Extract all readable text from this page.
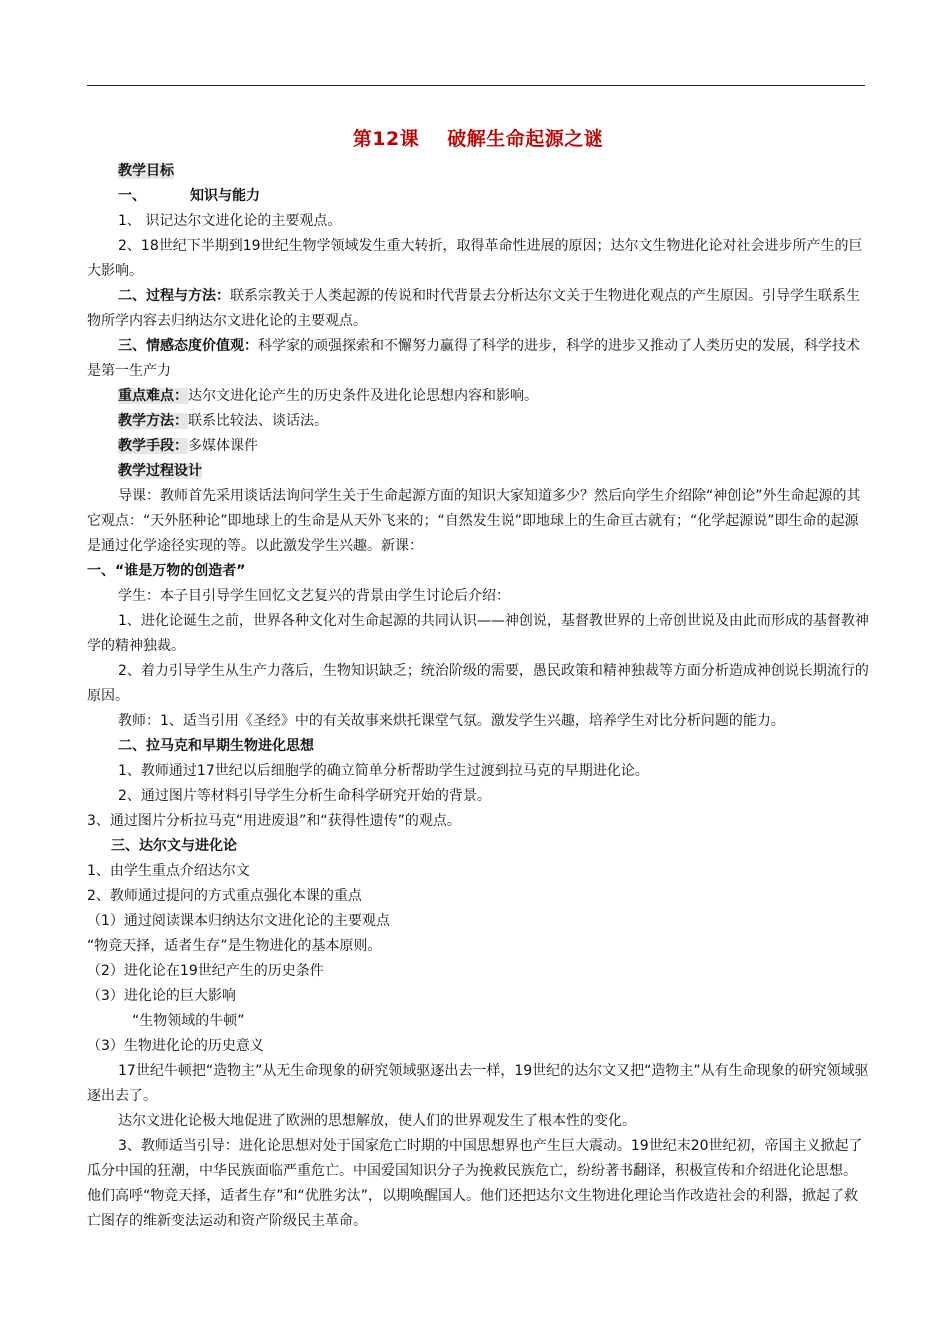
第12课 破解生命起源之谜

教学目标

一、	知识与能力

1、 识记达尔文进化论的主要观点。

2、18世纪下半期到19世纪生物学领域发生重大转折，取得革命性进展的原因；达尔文生物进化论对社会进步所产生的巨大影响。

二、过程与方法：联系宗教关于人类起源的传说和时代背景去分析达尔文关于生物进化观点的产生原因。引导学生联系生物所学内容去归纳达尔文进化论的主要观点。

三、情感态度价值观：科学家的顽强探索和不懈努力赢得了科学的进步，科学的进步又推动了人类历史的发展，科学技术是第一生产力

重点难点：达尔文进化论产生的历史条件及进化论思想内容和影响。

教学方法：联系比较法、谈话法。

教学手段：多媒体课件

教学过程设计

导课：教师首先采用谈话法询问学生关于生命起源方面的知识大家知道多少？然后向学生介绍除“神创论”外生命起源的其它观点：“天外胚种论”即地球上的生命是从天外飞来的；“自然发生说”即地球上的生命亘古就有；“化学起源说”即生命的起源是通过化学途径实现的等。以此激发学生兴趣。新课：

一、“谁是万物的创造者”

学生：本子目引导学生回忆文艺复兴的背景由学生讨论后介绍：

1、进化论诞生之前，世界各种文化对生命起源的共同认识——神创说，基督教世界的上帝创世说及由此而形成的基督教神学的精神独裁。

2、着力引导学生从生产力落后，生物知识缺乏；统治阶级的需要，愚民政策和精神独裁等方面分析造成神创说长期流行的原因。

教师：1、适当引用《圣经》中的有关故事来烘托课堂气氛。激发学生兴趣，培养学生对比分析问题的能力。

二、拉马克和早期生物进化思想

1、教师通过17世纪以后细胞学的确立简单分析帮助学生过渡到拉马克的早期进化论。

2、通过图片等材料引导学生分析生命科学研究开始的背景。

3、通过图片分析拉马克“用进废退”和“获得性遗传”的观点。

三、达尔文与进化论

1、由学生重点介绍达尔文

2、教师通过提问的方式重点强化本课的重点

（1）通过阅读课本归纳达尔文进化论的主要观点

“物竞天择，适者生存”是生物进化的基本原则。

（2）进化论在19世纪产生的历史条件

（3）进化论的巨大影响

“生物领域的牛顿”

（3）生物进化论的历史意义

17世纪牛顿把“造物主”从无生命现象的研究领域驱逐出去一样，19世纪的达尔文又把“造物主”从有生命现象的研究领域驱逐出去了。

达尔文进化论极大地促进了欧洲的思想解放，使人们的世界观发生了根本性的变化。

3、教师适当引导：进化论思想对处于国家危亡时期的中国思想界也产生巨大震动。19世纪末20世纪初，帝国主义掀起了瓜分中国的狂潮，中华民族面临严重危亡。中国爱国知识分子为挽救民族危亡，纷纷著书翻译，积极宣传和介绍进化论思想。他们高呼“物竞天择，适者生存”和“优胜劣汰”，以期唤醒国人。他们还把达尔文生物进化理论当作改造社会的利器，掀起了救亡图存的维新变法运动和资产阶级民主革命。
